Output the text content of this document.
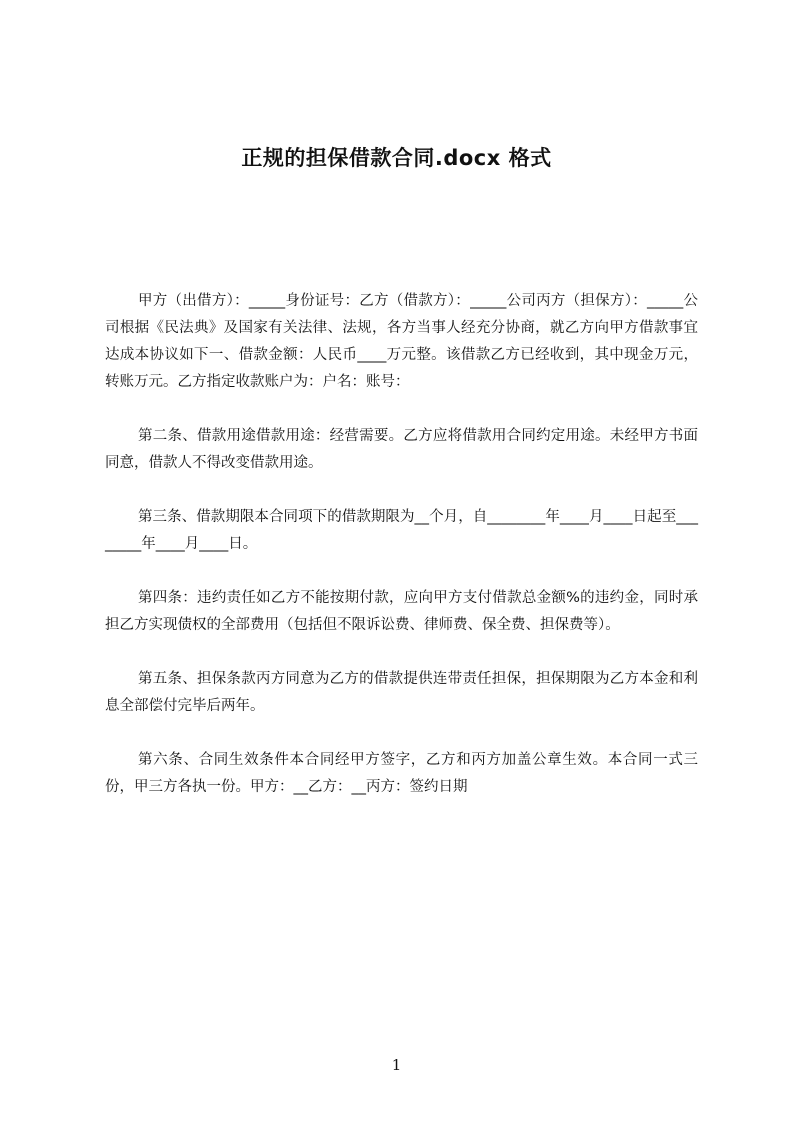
正规的担保借款合同.docx 格式

甲方（出借方）：_____身份证号：乙方（借款方）：_____公司丙方（担保方）：_____公司根据《民法典》及国家有关法律、法规，各方当事人经充分协商，就乙方向甲方借款事宜达成本协议如下一、借款金额：人民币____万元整。该借款乙方已经收到，其中现金万元，转账万元。乙方指定收款账户为：户名：账号：

第二条、借款用途借款用途：经营需要。乙方应将借款用合同约定用途。未经甲方书面同意，借款人不得改变借款用途。

第三条、借款期限本合同项下的借款期限为__个月，自________年____月____日起至________年____月____日。

第四条：违约责任如乙方不能按期付款，应向甲方支付借款总金额%的违约金，同时承担乙方实现债权的全部费用（包括但不限诉讼费、律师费、保全费、担保费等）。

第五条、担保条款丙方同意为乙方的借款提供连带责任担保，担保期限为乙方本金和利息全部偿付完毕后两年。

第六条、合同生效条件本合同经甲方签字，乙方和丙方加盖公章生效。本合同一式三份，甲三方各执一份。甲方：__乙方：__丙方：签约日期

1
